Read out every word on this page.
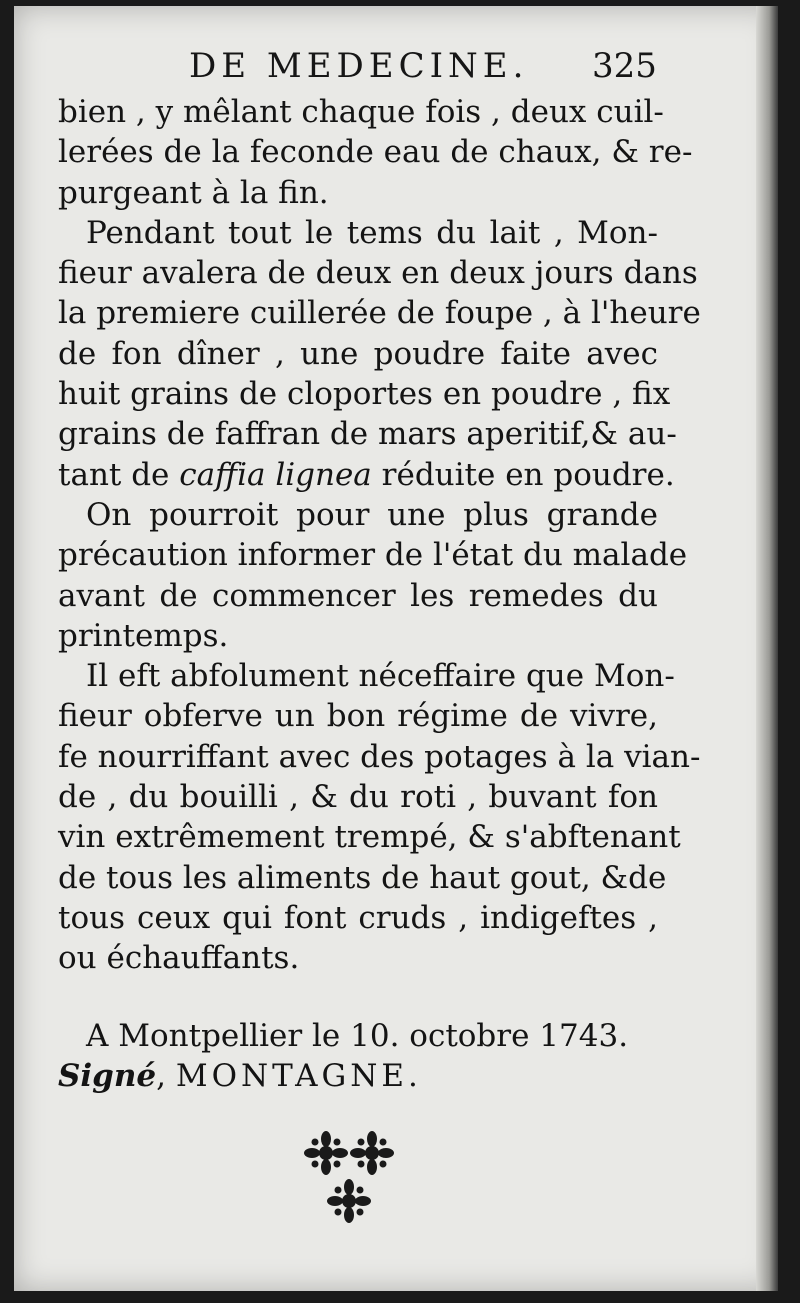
DE MEDECINE. 325

bien , y mêlant chaque fois , deux cuil-
lerées de la feconde eau de chaux, & re-
purgeant à la fin.

Pendant tout le tems du lait , Mon-
fieur avalera de deux en deux jours dans
la premiere cuillerée de foupe , à l'heure
de fon dîner , une poudre faite avec
huit grains de cloportes en poudre , fix
grains de faffran de mars aperitif,& au-
tant de caffia lignea réduite en poudre.

On pourroit pour une plus grande
précaution informer de l'état du malade
avant de commencer les remedes du
printemps.

Il eft abfolument néceffaire que Mon-
fieur obferve un bon régime de vivre,
fe nourriffant avec des potages à la vian-
de , du bouilli , & du roti , buvant fon
vin extrêmement trempé, & s'abftenant
de tous les aliments de haut gout, &de
tous ceux qui font cruds , indigeftes ,
ou échauffants.

A Montpellier le 10. octobre 1743.
Signé, MONTAGNE.
